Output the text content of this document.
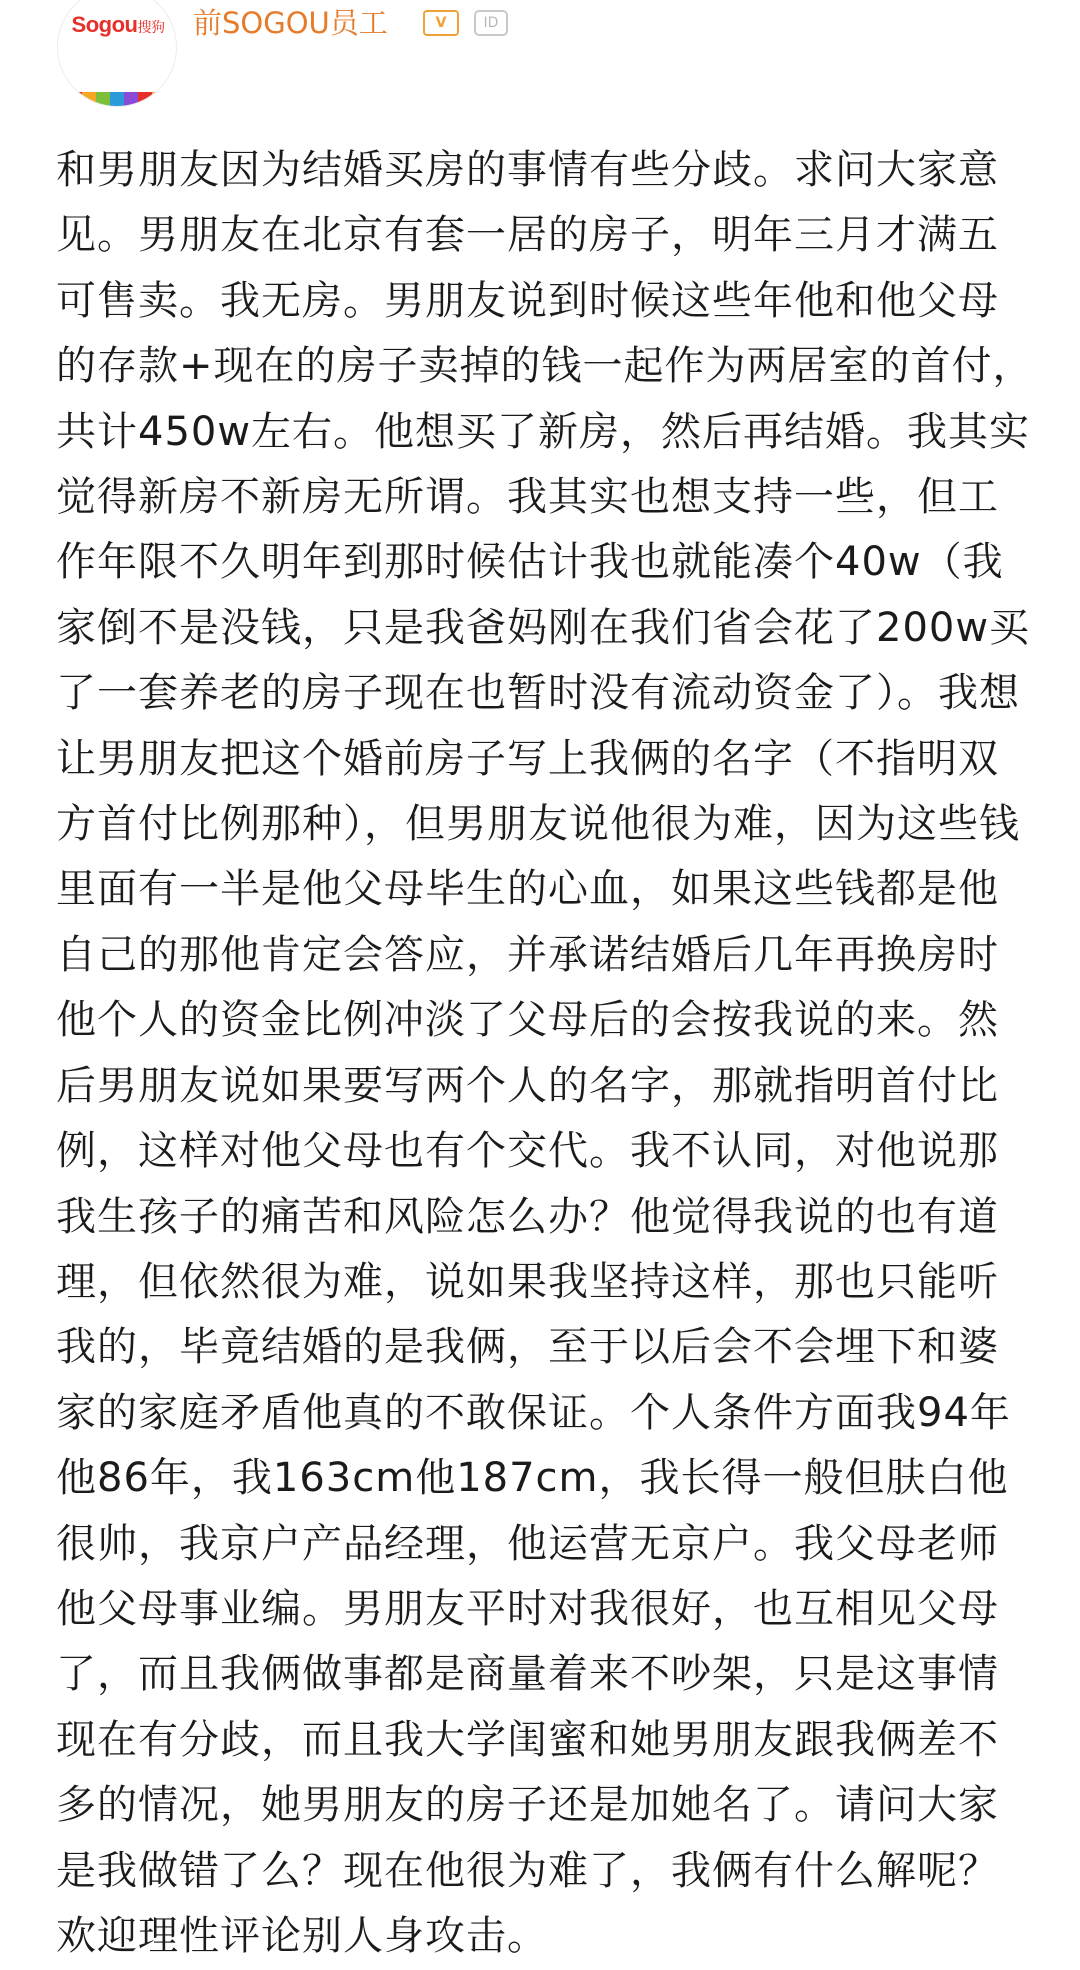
Sogou搜狗 前SOGOU员工	V	ID

和男朋友因为结婚买房的事情有些分歧。求问大家意见。男朋友在北京有套一居的房子，明年三月才满五可售卖。我无房。男朋友说到时候这些年他和他父母的存款+现在的房子卖掉的钱一起作为两居室的首付，共计450w左右。他想买了新房，然后再结婚。我其实觉得新房不新房无所谓。我其实也想支持一些，但工作年限不久明年到那时候估计我也就能凑个40w（我家倒不是没钱，只是我爸妈刚在我们省会花了200w买了一套养老的房子现在也暂时没有流动资金了）。我想让男朋友把这个婚前房子写上我俩的名字（不指明双方首付比例那种），但男朋友说他很为难，因为这些钱里面有一半是他父母毕生的心血，如果这些钱都是他自己的那他肯定会答应，并承诺结婚后几年再换房时他个人的资金比例冲淡了父母后的会按我说的来。然后男朋友说如果要写两个人的名字，那就指明首付比例，这样对他父母也有个交代。我不认同，对他说那我生孩子的痛苦和风险怎么办？他觉得我说的也有道理，但依然很为难，说如果我坚持这样，那也只能听我的，毕竟结婚的是我俩，至于以后会不会埋下和婆家的家庭矛盾他真的不敢保证。个人条件方面我94年他86年，我163cm他187cm，我长得一般但肤白他很帅，我京户产品经理，他运营无京户。我父母老师他父母事业编。男朋友平时对我很好，也互相见父母了，而且我俩做事都是商量着来不吵架，只是这事情现在有分歧，而且我大学闺蜜和她男朋友跟我俩差不多的情况，她男朋友的房子还是加她名了。请问大家是我做错了么？现在他很为难了，我俩有什么解呢？欢迎理性评论别人身攻击。
